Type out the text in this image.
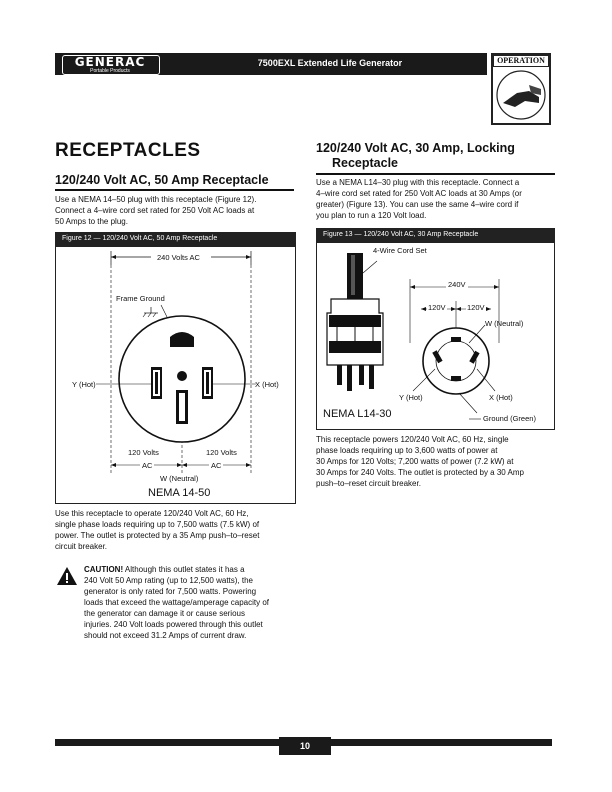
GENERAC
Portable Products
7500EXL Extended Life Generator	OPERATION
RECEPTACLES
120/240 Volt AC, 50 Amp Receptacle
Use a NEMA 14–50 plug with this receptacle (Figure 12).
Connect a 4–wire cord set rated for 250 Volt AC loads at
50 Amps to the plug.
Figure 12 — 120/240 Volt AC, 50 Amp Receptacle
240 Volts AC
Frame Ground
Y (Hot)	X (Hot)
120 Volts
AC
120 Volts
AC
W (Neutral)
NEMA 14-50
Use this receptacle to operate 120/240 Volt AC, 60 Hz,
single phase loads requiring up to 7,500 watts (7.5 kW) of
power. The outlet is protected by a 35 Amp push–to–reset
circuit breaker.
CAUTION! Although this outlet states it has a
240 Volt 50 Amp rating (up to 12,500 watts), the
generator is only rated for 7,500 watts. Powering
loads that exceed the wattage/amperage capacity of
the generator can damage it or cause serious
injuries. 240 Volt loads powered through this outlet
should not exceed 31.2 Amps of current draw.
120/240 Volt AC, 30 Amp, Locking
Receptacle
Use a NEMA L14–30 plug with this receptacle. Connect a
4–wire cord set rated for 250 Volt AC loads at 30 Amps (or
greater) (Figure 13). You can use the same 4–wire cord if
you plan to run a 120 Volt load.
Figure 13 — 120/240 Volt AC, 30 Amp Receptacle
4-Wire Cord Set
240V
120V	120V
W (Neutral)
Y (Hot)	X (Hot)
Ground (Green)
NEMA L14-30
This receptacle powers 120/240 Volt AC, 60 Hz, single
phase loads requiring up to 3,600 watts of power at
30 Amps for 120 Volts; 7,200 watts of power (7.2 kW) at
30 Amps for 240 Volts. The outlet is protected by a 30 Amp
push–to–reset circuit breaker.
10
